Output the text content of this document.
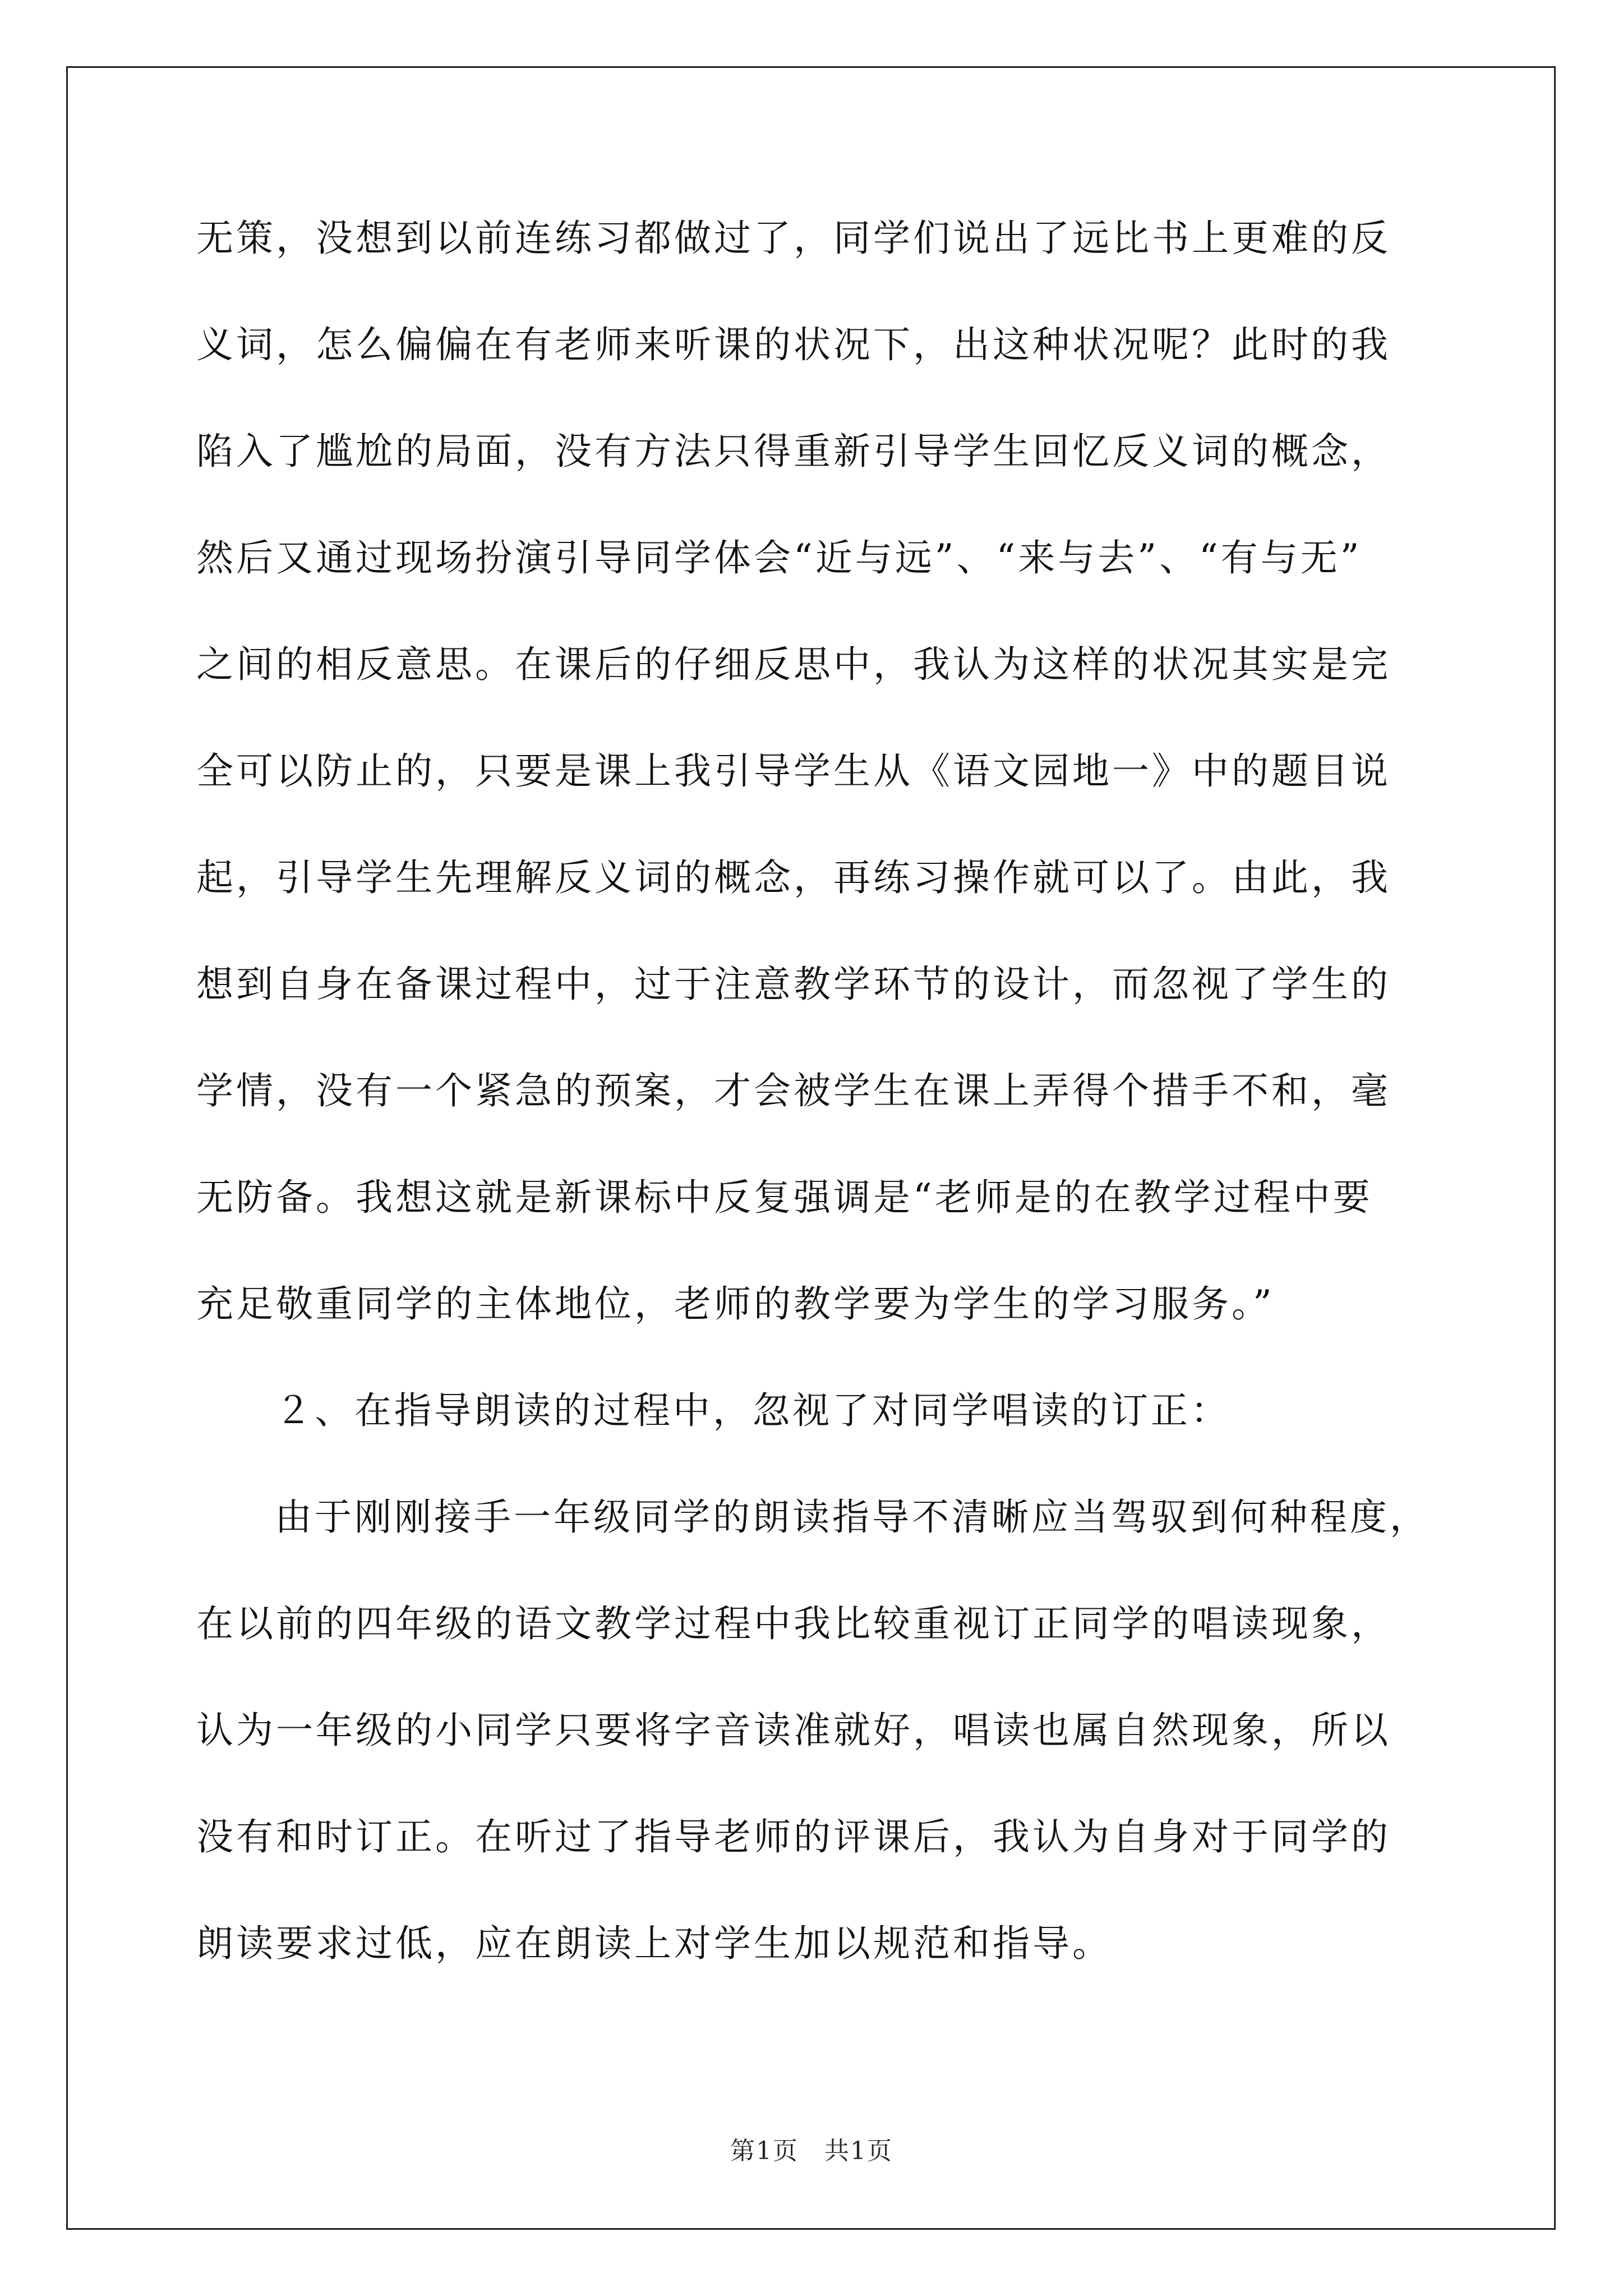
无策，没想到以前连练习都做过了，同学们说出了远比书上更难的反
义词，怎么偏偏在有老师来听课的状况下，出这种状况呢？此时的我
陷入了尴尬的局面，没有方法只得重新引导学生回忆反义词的概念，
然后又通过现场扮演引导同学体会“近与远”、“来与去”、“有与无”
之间的相反意思。在课后的仔细反思中，我认为这样的状况其实是完
全可以防止的，只要是课上我引导学生从《语文园地一》中的题目说
起，引导学生先理解反义词的概念，再练习操作就可以了。由此，我
想到自身在备课过程中，过于注意教学环节的设计，而忽视了学生的
学情，没有一个紧急的预案，才会被学生在课上弄得个措手不和，毫
无防备。我想这就是新课标中反复强调是“老师是的在教学过程中要
充足敬重同学的主体地位，老师的教学要为学生的学习服务。”
２、在指导朗读的过程中，忽视了对同学唱读的订正：
由于刚刚接手一年级同学的朗读指导不清晰应当驾驭到何种程度，
在以前的四年级的语文教学过程中我比较重视订正同学的唱读现象，
认为一年级的小同学只要将字音读准就好，唱读也属自然现象，所以
没有和时订正。在听过了指导老师的评课后，我认为自身对于同学的
朗读要求过低，应在朗读上对学生加以规范和指导。
第1页　共1页
